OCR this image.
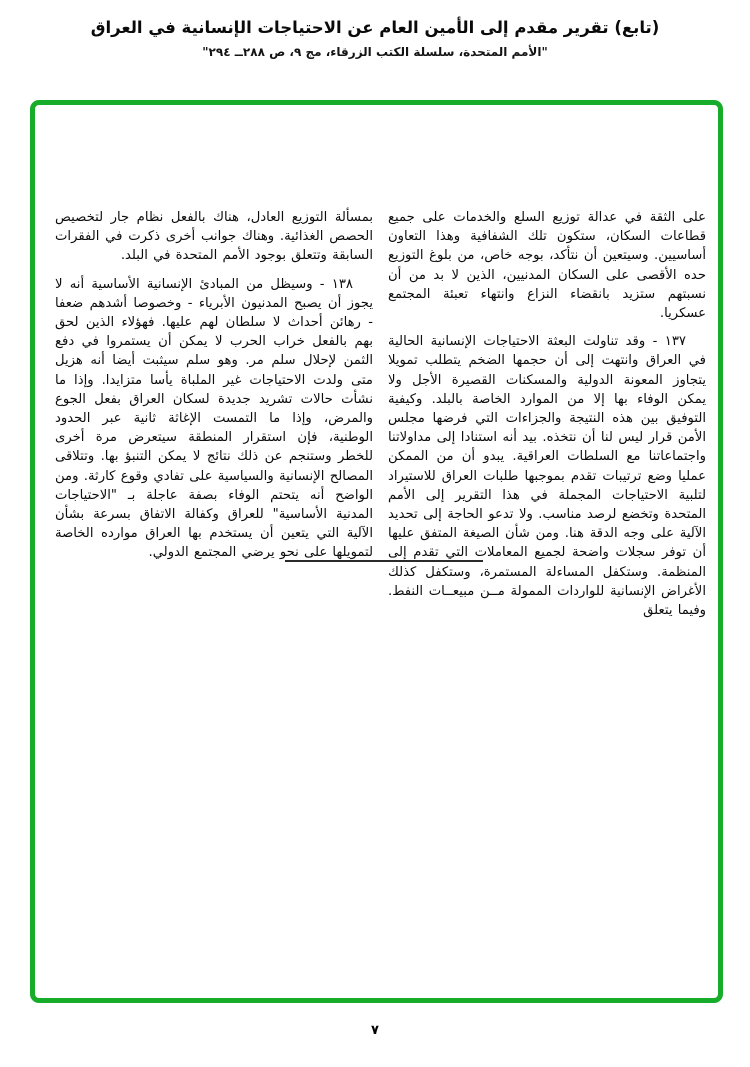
(تابع) تقرير مقدم إلى الأمين العام عن الاحتياجات الإنسانية في العراق
"الأمم المتحدة، سلسلة الكتب الزرقاء، مج ٩، ص ٢٨٨ــ ٢٩٤"

على الثقة في عدالة توزيع السلع والخدمات على جميع قطاعات السكان، ستكون تلك الشفافية وهذا التعاون أساسيين. وسيتعين أن نتأكد، بوجه خاص، من بلوغ التوزيع حده الأقصى على السكان المدنيين، الذين لا بد من أن نسبتهم ستزيد بانقضاء النزاع وانتهاء تعبئة المجتمع عسكريا.

١٣٧ - وقد تناولت البعثة الاحتياجات الإنسانية الحالية في العراق وانتهت إلى أن حجمها الضخم يتطلب تمويلا يتجاوز المعونة الدولية والمسكنات القصيرة الأجل ولا يمكن الوفاء بها إلا من الموارد الخاصة بالبلد. وكيفية التوفيق بين هذه النتيجة والجزاءات التي فرضها مجلس الأمن قرار ليس لنا أن نتخذه. بيد أنه استنادا إلى مداولاتنا واجتماعاتنا مع السلطات العراقية. يبدو أن من الممكن عمليا وضع ترتيبات تقدم بموجبها طلبات العراق للاستيراد لتلبية الاحتياجات المجملة في هذا التقرير إلى الأمم المتحدة وتخضع لرصد مناسب. ولا تدعو الحاجة إلى تحديد الآلية على وجه الدقة هنا. ومن شأن الصيغة المتفق عليها أن توفر سجلات واضحة لجميع المعاملات التي تقدم إلى المنظمة. وستكفل المساءلة المستمرة، وستكفل كذلك الأغراض الإنسانية للواردات الممولة مــن مبيعــات النفط. وفيما يتعلق

بمسألة التوزيع العادل، هناك بالفعل نظام جار لتخصيص الحصص الغذائية. وهناك جوانب أخرى ذكرت في الفقرات السابقة وتتعلق بوجود الأمم المتحدة في البلد.

١٣٨ - وسيظل من المبادئ الإنسانية الأساسية أنه لا يجوز أن يصبح المدنيون الأبرياء - وخصوصا أشدهم ضعفا - رهائن أحداث لا سلطان لهم عليها. فهؤلاء الذين لحق بهم بالفعل خراب الحرب لا يمكن أن يستمروا في دفع الثمن لإحلال سلم مر. وهو سلم سيثبت أيضا أنه هزيل متى ولدت الاحتياجات غير الملباة يأسا متزايدا. وإذا ما نشأت حالات تشريد جديدة لسكان العراق بفعل الجوع والمرض، وإذا ما التمست الإغاثة ثانية عبر الحدود الوطنية، فإن استقرار المنطقة سيتعرض مرة أخرى للخطر وستنجم عن ذلك نتائج لا يمكن التنبؤ بها. وتتلاقى المصالح الإنسانية والسياسية على تفادي وقوع كارثة. ومن الواضح أنه يتحتم الوفاء بصفة عاجلة بـ "الاحتياجات المدنية الأساسية" للعراق وكفالة الاتفاق بسرعة بشأن الآلية التي يتعين أن يستخدم بها العراق موارده الخاصة لتمويلها على نحو يرضي المجتمع الدولي.

٧
